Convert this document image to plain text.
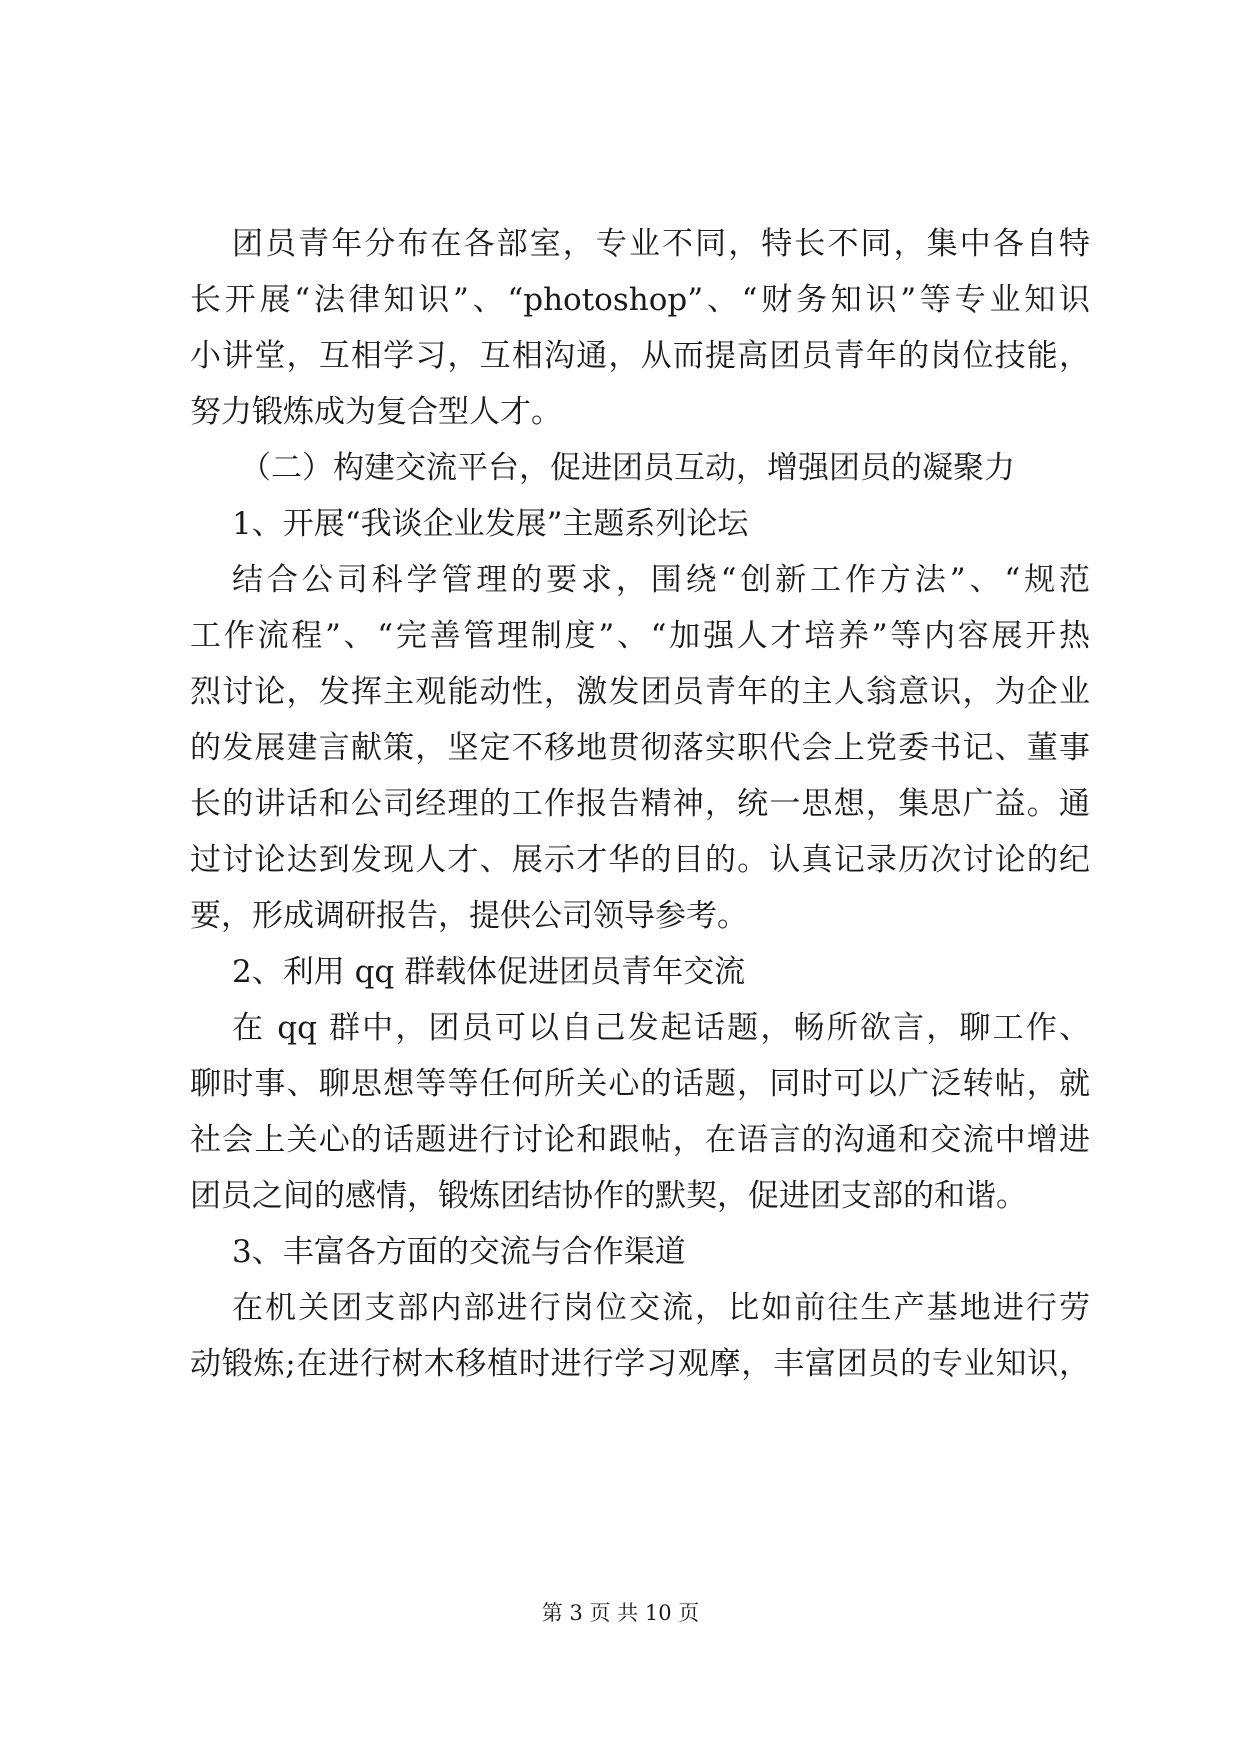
团员青年分布在各部室，专业不同，特长不同，集中各自特
长开展“法律知识”、“photoshop”、“财务知识”等专业知识
小讲堂，互相学习，互相沟通，从而提高团员青年的岗位技能，
努力锻炼成为复合型人才。
（二）构建交流平台，促进团员互动，增强团员的凝聚力
1、开展“我谈企业发展”主题系列论坛
结合公司科学管理的要求，围绕“创新工作方法”、“规范
工作流程”、“完善管理制度”、“加强人才培养”等内容展开热
烈讨论，发挥主观能动性，激发团员青年的主人翁意识，为企业
的发展建言献策，坚定不移地贯彻落实职代会上党委书记、董事
长的讲话和公司经理的工作报告精神，统一思想，集思广益。通
过讨论达到发现人才、展示才华的目的。认真记录历次讨论的纪
要，形成调研报告，提供公司领导参考。
2、利用 qq 群载体促进团员青年交流
在 qq 群中，团员可以自己发起话题，畅所欲言，聊工作、
聊时事、聊思想等等任何所关心的话题，同时可以广泛转帖，就
社会上关心的话题进行讨论和跟帖，在语言的沟通和交流中增进
团员之间的感情，锻炼团结协作的默契，促进团支部的和谐。
3、丰富各方面的交流与合作渠道
在机关团支部内部进行岗位交流，比如前往生产基地进行劳
动锻炼;在进行树木移植时进行学习观摩，丰富团员的专业知识，
第 3 页 共 10 页
